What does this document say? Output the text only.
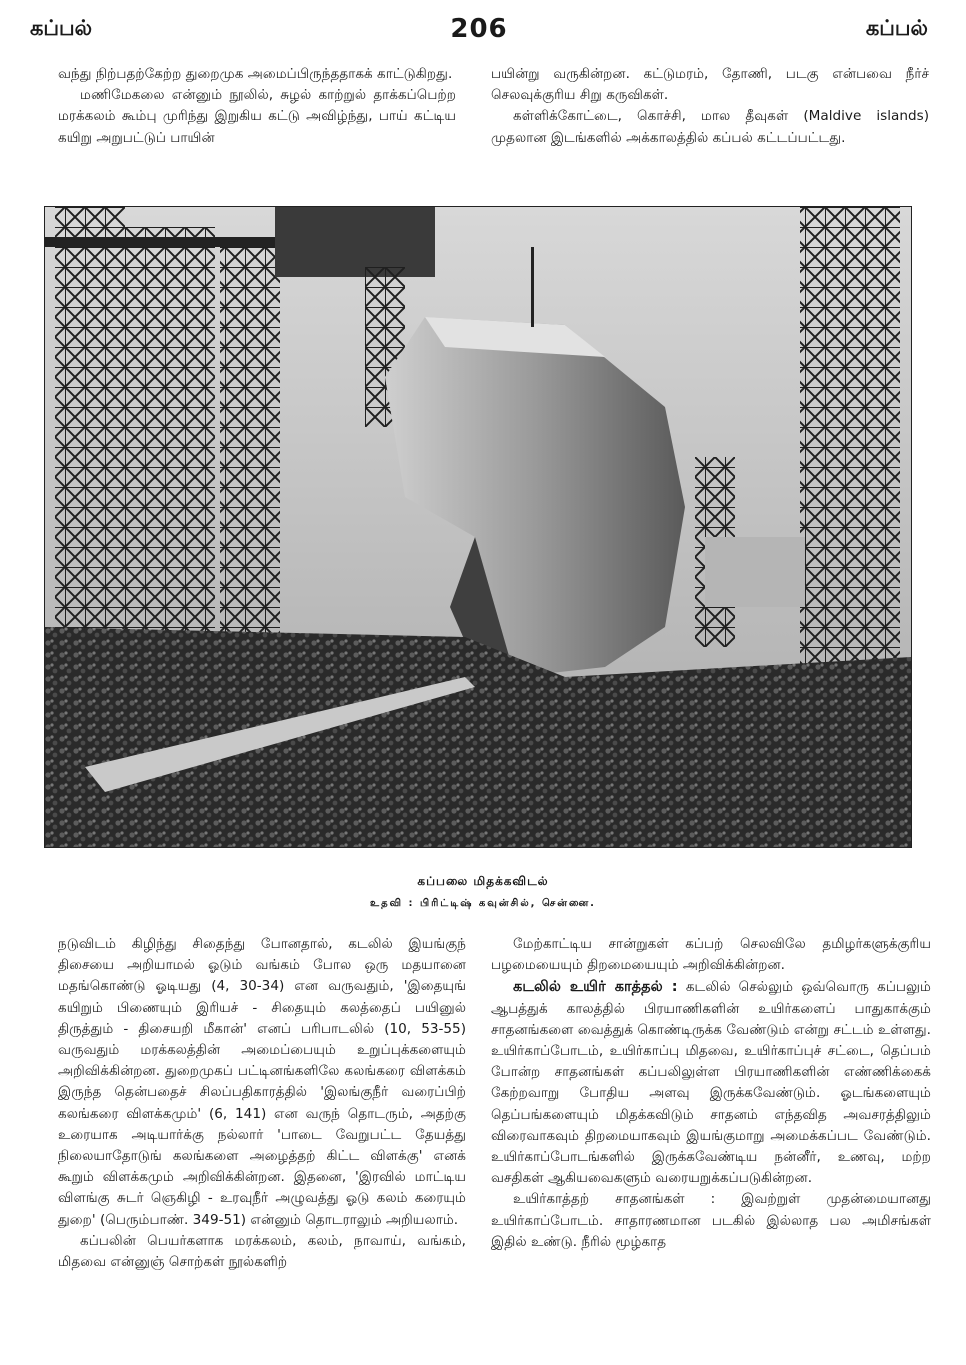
கப்பல்	206	கப்பல்

வந்து நிற்பதற்கேற்ற துறைமுக அமைப்பிருந்ததாகக் காட்டுகிறது.

மணிமேகலை என்னும் நூலில், சுழல் காற்றுல் தாக்கப்பெற்ற மரக்கலம் கூம்பு முரிந்து இறுகிய கட்டு அவிழ்ந்து, பாய் கட்டிய கயிறு அறுபட்டுப் பாயின்

பயின்று வருகின்றன. கட்டுமரம், தோணி, படகு என்பவை நீர்ச் செலவுக்குரிய சிறு கருவிகள்.

கள்ளிக்கோட்டை, கொச்சி, மால தீவுகள் (Maldive islands) முதலான இடங்களில் அக்காலத்தில் கப்பல் கட்டப்பட்டது.

கப்பலை மிதக்கவிடல்
உதவி : பிரிட்டிஷ் கவுன்சில், சென்னை.

நடுவிடம் கிழிந்து சிதைந்து போனதால், கடலில் இயங்குந் திசையை அறியாமல் ஓடும் வங்கம் போல ஒரு மதயானை மதங்கொண்டு ஓடியது (4, 30-34) என வருவதும், 'இதையுங் கயிறும் பிணையும் இரியச் - சிதையும் கலத்தைப் பயினுல் திருத்தும் - திசையறி மீகான்' எனப் பரிபாடலில் (10, 53-55) வருவதும் மரக்கலத்தின் அமைப்பையும் உறுப்புக்களையும் அறிவிக்கின்றன. துறைமுகப் பட்டினங்களிலே கலங்கரை விளக்கம் இருந்த தென்பதைச் சிலப்பதிகாரத்தில் 'இலங்குநீர் வரைப்பிற் கலங்கரை விளக்கமும்' (6, 141) என வருந் தொடரும், அதற்கு உரையாக அடியார்க்கு நல்லார் 'பாடை வேறுபட்ட தேயத்து நிலையாதோடுங் கலங்களை அழைத்தற் கிட்ட விளக்கு' எனக் கூறும் விளக்கமும் அறிவிக்கின்றன. இதனை, 'இரவில் மாட்டிய விளங்கு சுடர் ஞெகிழி - உரவுநீர் அழுவத்து ஓடு கலம் கரையும் துறை' (பெரும்பாண். 349-51) என்னும் தொடராலும் அறியலாம்.

கப்பலின் பெயர்களாக மரக்கலம், கலம், நாவாய், வங்கம், மிதவை என்னுஞ் சொற்கள் நூல்களிற்

மேற்காட்டிய சான்றுகள் கப்பற் செலவிலே தமிழர்களுக்குரிய பழமையையும் திறமையையும் அறிவிக்கின்றன.

கடலில் உயிர் காத்தல் : கடலில் செல்லும் ஒவ்வொரு கப்பலும் ஆபத்துக் காலத்தில் பிரயாணிகளின் உயிர்களைப் பாதுகாக்கும் சாதனங்களை வைத்துக் கொண்டிருக்க வேண்டும் என்று சட்டம் உள்ளது. உயிர்காப்போடம், உயிர்காப்பு மிதவை, உயிர்காப்புச் சட்டை, தெப்பம் போன்ற சாதனங்கள் கப்பலிலுள்ள பிரயாணிகளின் எண்ணிக்கைக் கேற்றவாறு போதிய அளவு இருக்கவேண்டும். ஓடங்களையும் தெப்பங்களையும் மிதக்கவிடும் சாதனம் எந்தவித அவசரத்திலும் விரைவாகவும் திறமையாகவும் இயங்குமாறு அமைக்கப்பட வேண்டும். உயிர்காப்போடங்களில் இருக்கவேண்டிய நன்னீர், உணவு, மற்ற வசதிகள் ஆகியவைகளும் வரையறுக்கப்படுகின்றன.

உயிர்காத்தற் சாதனங்கள் : இவற்றுள் முதன்மையானது உயிர்காப்போடம். சாதாரணமான படகில் இல்லாத பல அமிசங்கள் இதில் உண்டு. நீரில் மூழ்காத
